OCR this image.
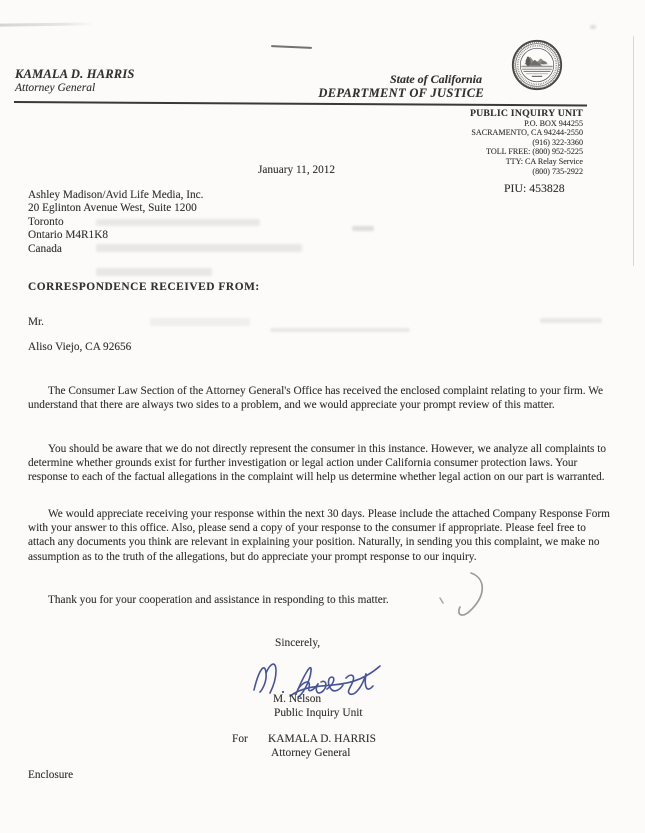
KAMALA D. HARRIS
Attorney General
State of California
DEPARTMENT OF JUSTICE
PUBLIC INQUIRY UNIT
P.O. BOX 944255
SACRAMENTO, CA 94244-2550
(916) 322-3360
TOLL FREE: (800) 952-5225
TTY: CA Relay Service
(800) 735-2922
January 11, 2012
PIU: 453828
Ashley Madison/Avid Life Media, Inc.
20 Eglinton Avenue West, Suite 1200
Toronto
Ontario M4R1K8
Canada
CORRESPONDENCE RECEIVED FROM:
Mr.
Aliso Viejo, CA 92656

The Consumer Law Section of the Attorney General's Office has received the enclosed complaint relating to your firm. We understand that there are always two sides to a problem, and we would appreciate your prompt review of this matter.

You should be aware that we do not directly represent the consumer in this instance. However, we analyze all complaints to determine whether grounds exist for further investigation or legal action under California consumer protection laws. Your response to each of the factual allegations in the complaint will help us determine whether legal action on our part is warranted.

We would appreciate receiving your response within the next 30 days. Please include the attached Company Response Form with your answer to this office. Also, please send a copy of your response to the consumer if appropriate. Please feel free to attach any documents you think are relevant in explaining your position. Naturally, in sending you this complaint, we make no assumption as to the truth of the allegations, but do appreciate your prompt response to our inquiry.

Thank you for your cooperation and assistance in responding to this matter.

Sincerely,
M. Nelson
Public Inquiry Unit
For KAMALA D. HARRIS
Attorney General
Enclosure
